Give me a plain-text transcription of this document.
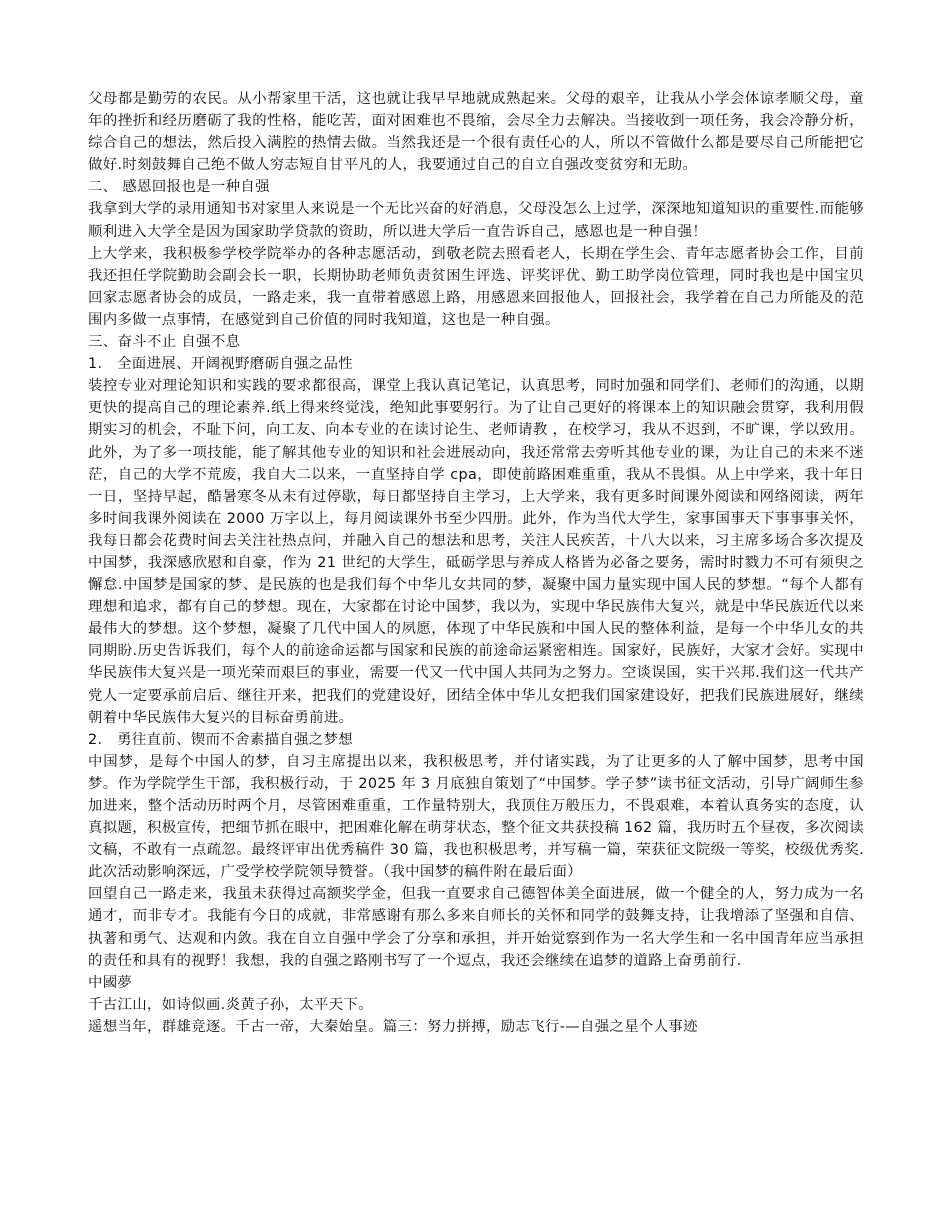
父母都是勤劳的农民。从小帮家里干活，这也就让我早早地就成熟起来。父母的艰辛，让我从小学会体谅孝顺父母，童年的挫折和经历磨砺了我的性格，能吃苦，面对困难也不畏缩，会尽全力去解决。当接收到一项任务，我会冷静分析，综合自己的想法，然后投入满腔的热情去做。当然我还是一个很有责任心的人，所以不管做什么都是要尽自己所能把它做好.时刻鼓舞自己绝不做人穷志短自甘平凡的人，我要通过自己的自立自强改变贫穷和无助。

二、 感恩回报也是一种自强

我拿到大学的录用通知书对家里人来说是一个无比兴奋的好消息，父母没怎么上过学，深深地知道知识的重要性.而能够顺利进入大学全是因为国家助学贷款的资助，所以进大学后一直告诉自己，感恩也是一种自强！

上大学来，我积极参学校学院举办的各种志愿活动，到敬老院去照看老人，长期在学生会、青年志愿者协会工作，目前我还担任学院勤助会副会长一职，长期协助老师负责贫困生评选、评奖评优、勤工助学岗位管理，同时我也是中国宝贝回家志愿者协会的成员，一路走来，我一直带着感恩上路，用感恩来回报他人，回报社会，我学着在自己力所能及的范围内多做一点事情，在感觉到自己价值的同时我知道，这也是一种自强。

三、奋斗不止 自强不息

1． 全面进展、开阔视野磨砺自强之品性

装控专业对理论知识和实践的要求都很高，课堂上我认真记笔记，认真思考，同时加强和同学们、老师们的沟通，以期更快的提高自己的理论素养.纸上得来终觉浅，绝知此事要躬行。为了让自己更好的将课本上的知识融会贯穿，我利用假期实习的机会，不耻下问，向工友、向本专业的在读讨论生、老师请教 ，在校学习，我从不迟到，不旷课，学以致用。此外，为了多一项技能，能了解其他专业的知识和社会进展动向，我还常常去旁听其他专业的课，为让自己的未来不迷茫，自己的大学不荒废，我自大二以来，一直坚持自学 cpa，即使前路困难重重，我从不畏惧。从上中学来，我十年日一日，坚持早起，酷暑寒冬从未有过停歇，每日都坚持自主学习，上大学来，我有更多时间课外阅读和网络阅读，两年多时间我课外阅读在 2000 万字以上，每月阅读课外书至少四册。此外，作为当代大学生，家事国事天下事事事关怀，我每日都会花费时间去关注社热点问，并融入自己的想法和思考，关注人民疾苦，十八大以来，习主席多场合多次提及中国梦，我深感欣慰和自豪，作为 21 世纪的大学生，砥砺学思与养成人格皆为必备之要务，需时时戮力不可有须臾之懈怠.中国梦是国家的梦、是民族的也是我们每个中华儿女共同的梦，凝聚中国力量实现中国人民的梦想。“每个人都有理想和追求，都有自己的梦想。现在，大家都在讨论中国梦，我以为，实现中华民族伟大复兴，就是中华民族近代以来最伟大的梦想。这个梦想，凝聚了几代中国人的夙愿，体现了中华民族和中国人民的整体利益，是每一个中华儿女的共同期盼.历史告诉我们，每个人的前途命运都与国家和民族的前途命运紧密相连。国家好，民族好，大家才会好。实现中华民族伟大复兴是一项光荣而艰巨的事业，需要一代又一代中国人共同为之努力。空谈误国，实干兴邦.我们这一代共产党人一定要承前启后、继往开来，把我们的党建设好，团结全体中华儿女把我们国家建设好，把我们民族进展好，继续朝着中华民族伟大复兴的目标奋勇前进。

2． 勇往直前、锲而不舍素描自强之梦想

中国梦，是每个中国人的梦，自习主席提出以来，我积极思考，并付诸实践，为了让更多的人了解中国梦，思考中国梦。作为学院学生干部，我积极行动，于 2025 年 3 月底独自策划了“中国梦。学子梦”读书征文活动，引导广阔师生参加进来，整个活动历时两个月，尽管困难重重，工作量特别大，我顶住万般压力，不畏艰难，本着认真务实的态度，认真拟题，积极宣传，把细节抓在眼中，把困难化解在萌芽状态，整个征文共获投稿 162 篇，我历时五个昼夜，多次阅读文稿，不敢有一点疏忽。最终评审出优秀稿件 30 篇，我也积极思考，并写稿一篇，荣获征文院级一等奖，校级优秀奖.此次活动影响深远，广受学校学院领导赞誉。（我中国梦的稿件附在最后面）

回望自己一路走来，我虽未获得过高额奖学金，但我一直要求自己德智体美全面进展，做一个健全的人，努力成为一名通才，而非专才。我能有今日的成就，非常感谢有那么多来自师长的关怀和同学的鼓舞支持，让我增添了坚强和自信、执著和勇气、达观和内敛。我在自立自强中学会了分享和承担，并开始觉察到作为一名大学生和一名中国青年应当承担的责任和具有的视野！我想，我的自强之路刚书写了一个逗点，我还会继续在追梦的道路上奋勇前行.

中國夢

千古江山，如诗似画.炎黄子孙，太平天下。

遥想当年，群雄竞逐。千古一帝，大秦始皇。篇三：努力拼搏，励志飞行-—自强之星个人事迹
